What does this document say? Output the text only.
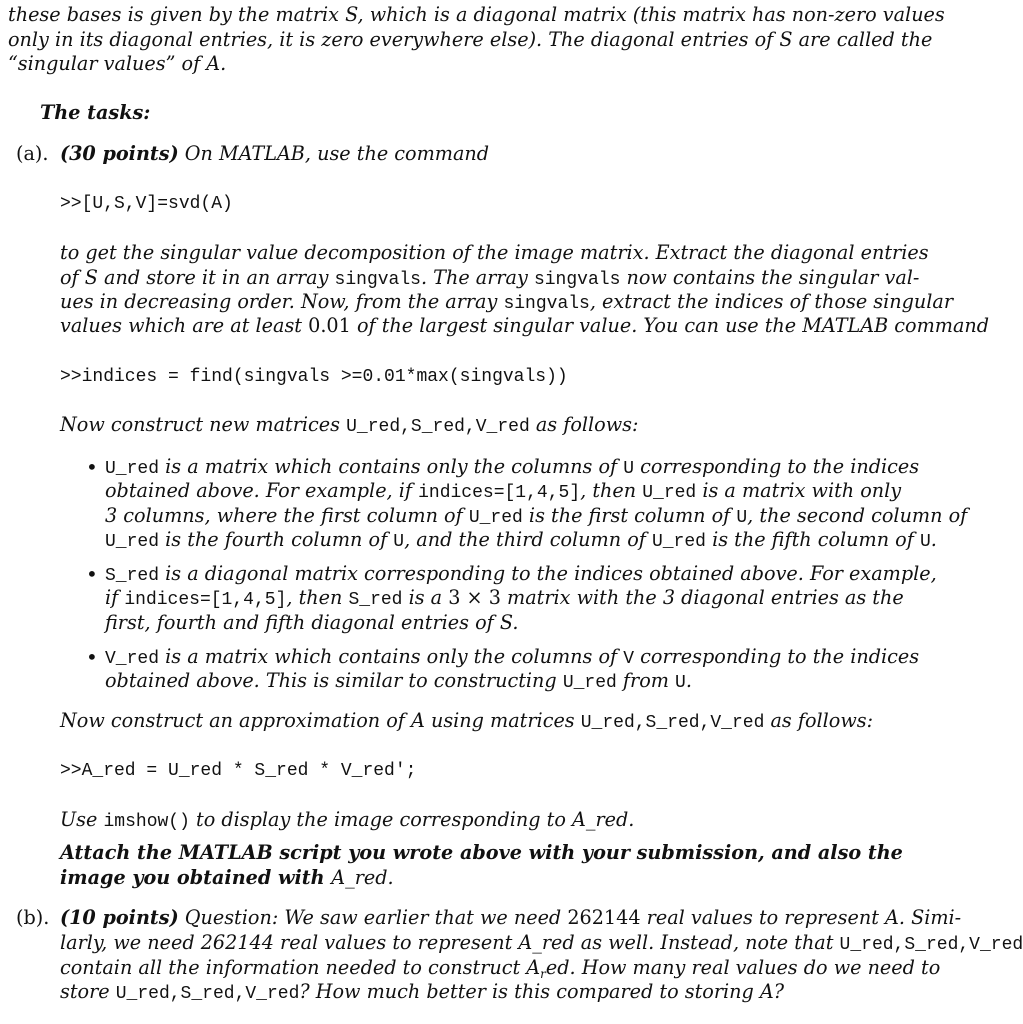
these bases is given by the matrix S, which is a diagonal matrix (this matrix has non-zero values
only in its diagonal entries, it is zero everywhere else). The diagonal entries of S are called the
“singular values” of A.
The tasks:
(a). (30 points) On MATLAB, use the command
>>[U,S,V]=svd(A)
to get the singular value decomposition of the image matrix. Extract the diagonal entries
of S and store it in an array singvals. The array singvals now contains the singular val-
ues in decreasing order. Now, from the array singvals, extract the indices of those singular
values which are at least 0.01 of the largest singular value. You can use the MATLAB command
>>indices = find(singvals >=0.01*max(singvals))
Now construct new matrices U_red,S_red,V_red as follows:
• U_red is a matrix which contains only the columns of U corresponding to the indices
obtained above. For example, if indices=[1,4,5], then U_red is a matrix with only
3 columns, where the first column of U_red is the first column of U, the second column of
U_red is the fourth column of U, and the third column of U_red is the fifth column of U.
• S_red is a diagonal matrix corresponding to the indices obtained above. For example,
if indices=[1,4,5], then S_red is a 3 × 3 matrix with the 3 diagonal entries as the
first, fourth and fifth diagonal entries of S.
• V_red is a matrix which contains only the columns of V corresponding to the indices
obtained above. This is similar to constructing U_red from U.
Now construct an approximation of A using matrices U_red,S_red,V_red as follows:
>>A_red = U_red * S_red * V_red';
Use imshow() to display the image corresponding to A_red.
Attach the MATLAB script you wrote above with your submission, and also the
image you obtained with A_red.
(b). (10 points) Question: We saw earlier that we need 262144 real values to represent A. Simi-
larly, we need 262144 real values to represent A_red as well. Instead, note that U_red,S_red,V_red
contain all the information needed to construct $A_red$. How many real values do we need to
store U_red,S_red,V_red? How much better is this compared to storing A?
